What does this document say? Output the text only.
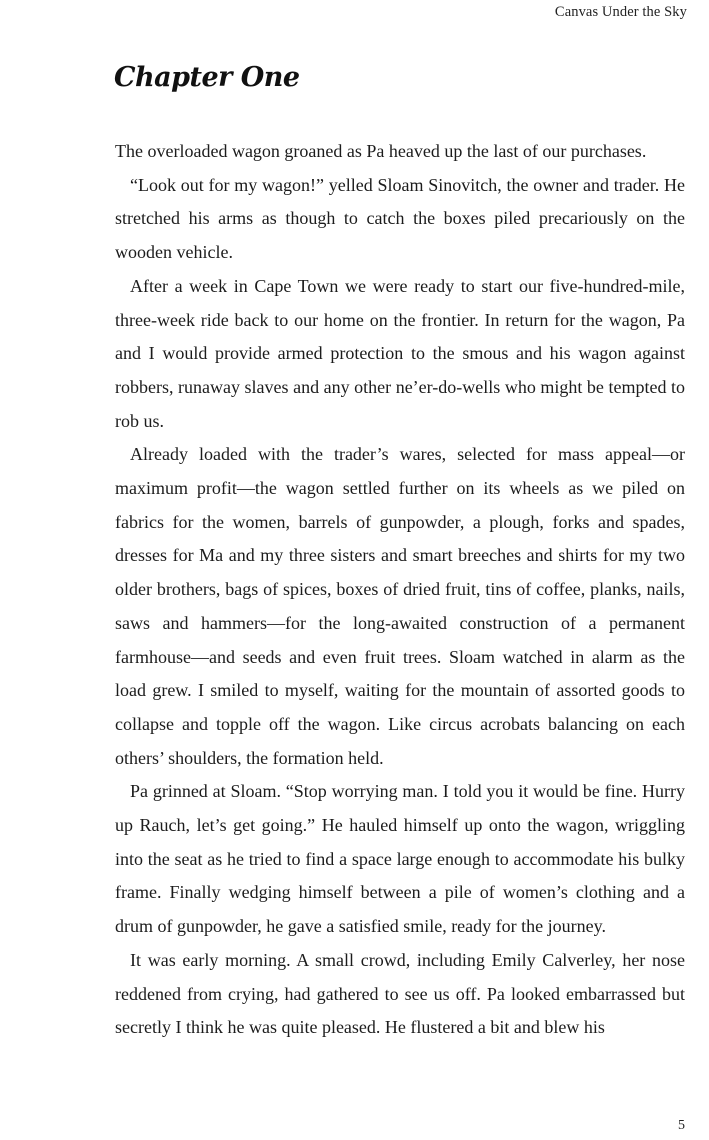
Canvas Under the Sky
Chapter One

The overloaded wagon groaned as Pa heaved up the last of our purchases.

“Look out for my wagon!” yelled Sloam Sinovitch, the owner and trader. He stretched his arms as though to catch the boxes piled precariously on the wooden vehicle.

After a week in Cape Town we were ready to start our five-hundred-mile, three-week ride back to our home on the frontier. In return for the wagon, Pa and I would provide armed protection to the smous and his wagon against robbers, runaway slaves and any other ne’er-do-wells who might be tempted to rob us.

Already loaded with the trader’s wares, selected for mass appeal—or maximum profit—the wagon settled further on its wheels as we piled on fabrics for the women, barrels of gunpowder, a plough, forks and spades, dresses for Ma and my three sisters and smart breeches and shirts for my two older brothers, bags of spices, boxes of dried fruit, tins of coffee, planks, nails, saws and hammers—for the long-awaited construction of a permanent farmhouse—and seeds and even fruit trees. Sloam watched in alarm as the load grew. I smiled to myself, waiting for the mountain of assorted goods to collapse and topple off the wagon. Like circus acrobats balancing on each others’ shoulders, the formation held.

Pa grinned at Sloam. “Stop worrying man. I told you it would be fine. Hurry up Rauch, let’s get going.” He hauled himself up onto the wagon, wriggling into the seat as he tried to find a space large enough to accommodate his bulky frame. Finally wedging himself between a pile of women’s clothing and a drum of gunpowder, he gave a satisfied smile, ready for the journey.

It was early morning. A small crowd, including Emily Calverley, her nose reddened from crying, had gathered to see us off. Pa looked embarrassed but secretly I think he was quite pleased. He flustered a bit and blew his

5
